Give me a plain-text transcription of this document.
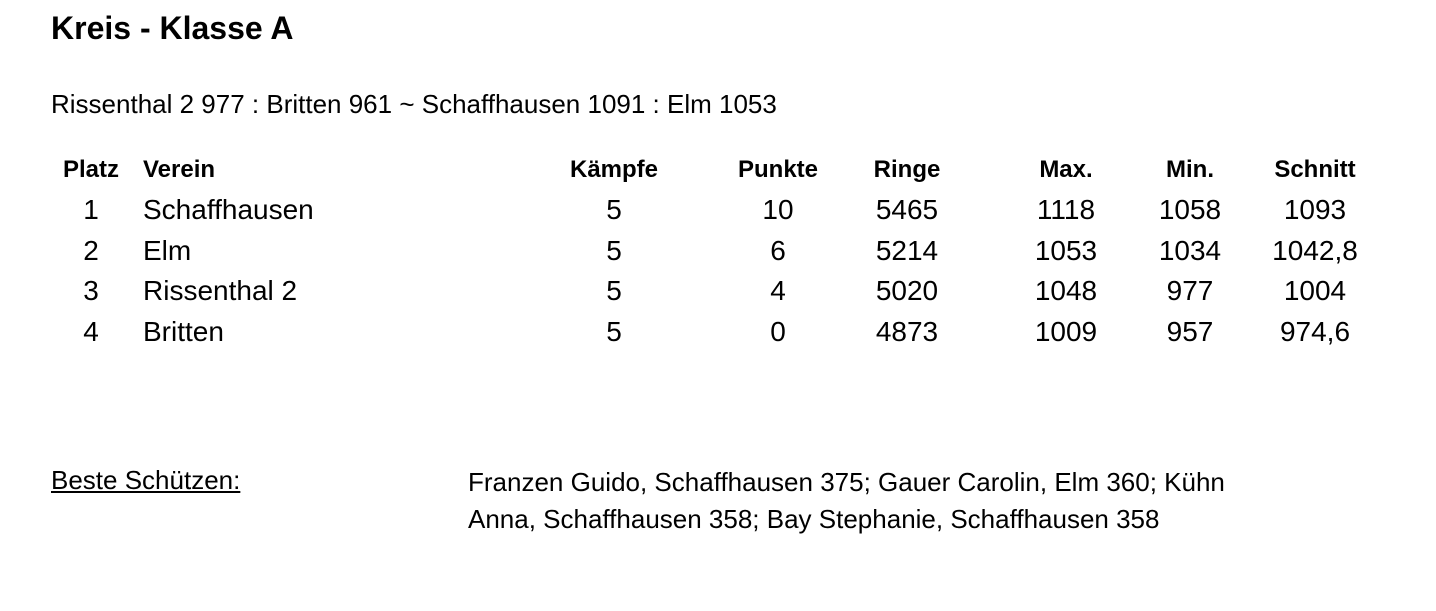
Kreis - Klasse A
Rissenthal 2 977 : Britten 961 ~ Schaffhausen 1091 : Elm 1053
Platz	Verein	Kämpfe	Punkte	Ringe	Max.	Min.	Schnitt
1	Schaffhausen	5	10	5465	1118	1058	1093
2	Elm	5	6	5214	1053	1034	1042,8
3	Rissenthal 2	5	4	5020	1048	977	1004
4	Britten	5	0	4873	1009	957	974,6
Beste Schützen:	Franzen Guido, Schaffhausen 375; Gauer Carolin, Elm 360; Kühn Anna, Schaffhausen 358; Bay Stephanie, Schaffhausen 358
